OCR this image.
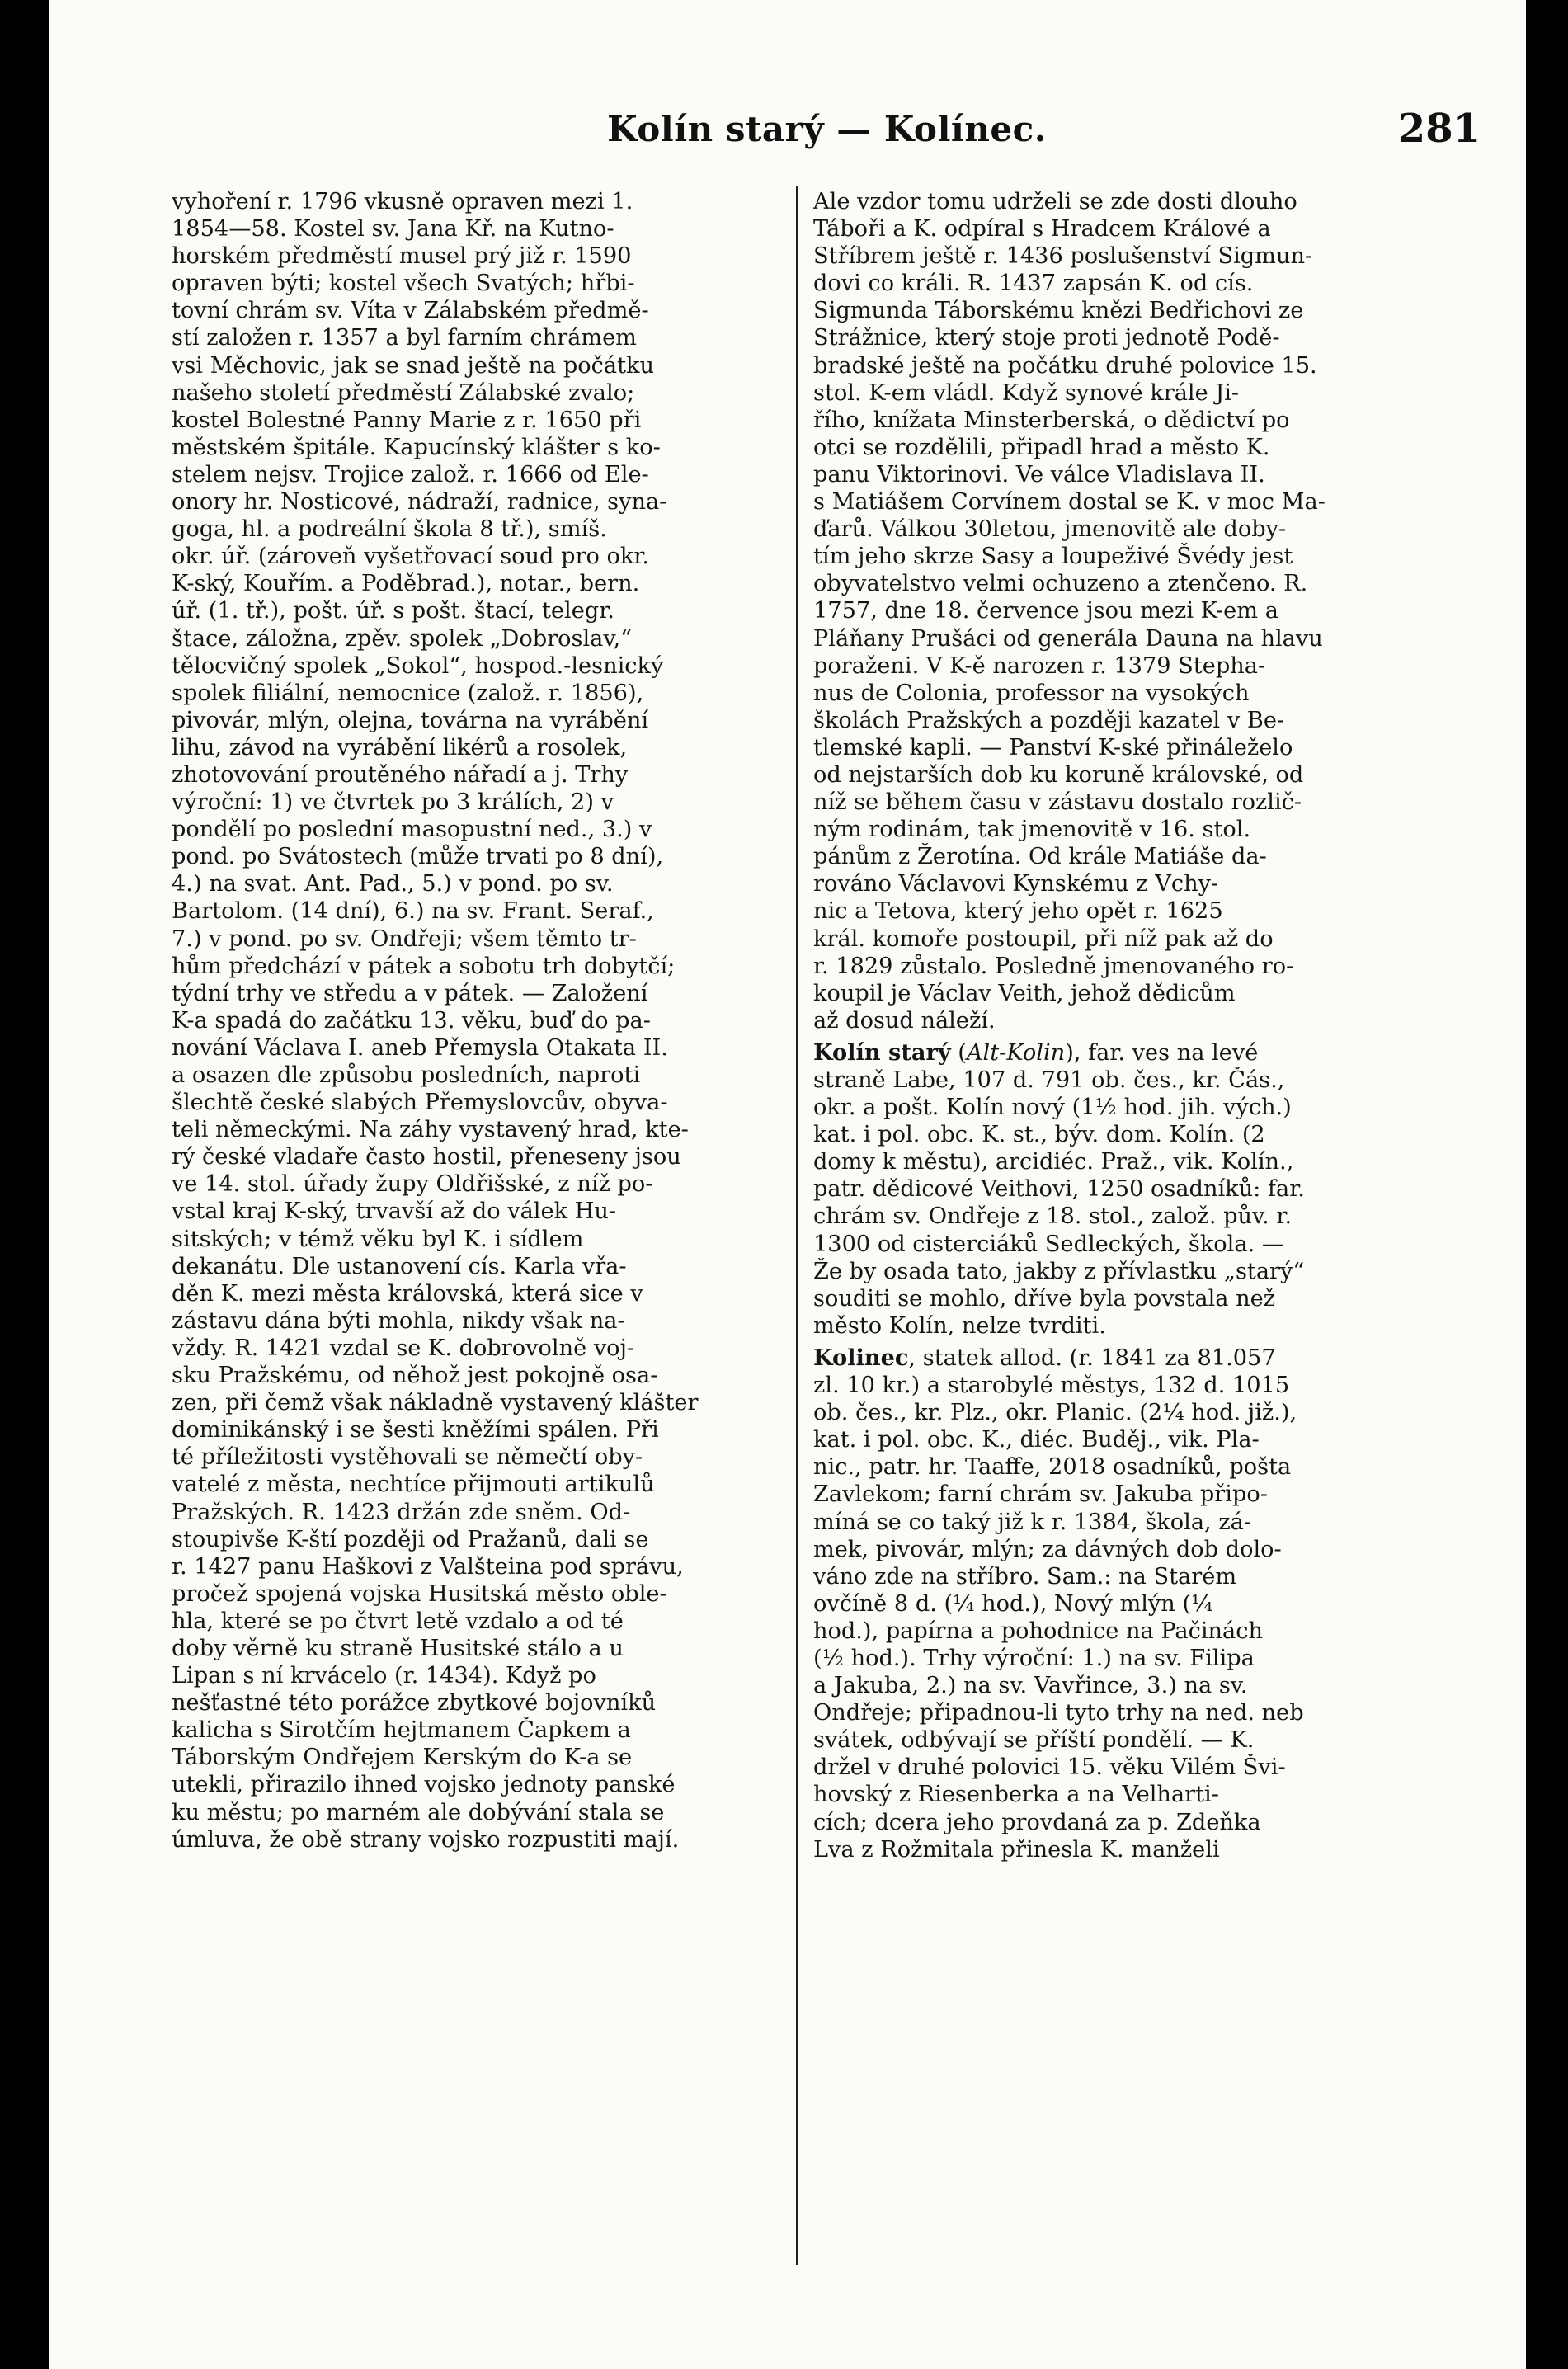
Kolín starý — Kolínec.	281
vyhoření r. 1796 vkusně opraven mezi 1.
1854—58. Kostel sv. Jana Kř. na Kutno-
horském předměstí musel prý již r. 1590
opraven býti; kostel všech Svatých; hřbi-
tovní chrám sv. Víta v Zálabském předmě-
stí založen r. 1357 a byl farním chrámem
vsi Měchovic, jak se snad ještě na počátku
našeho století předměstí Zálabské zvalo;
kostel Bolestné Panny Marie z r. 1650 při
městském špitále. Kapucínský klášter s ko-
stelem nejsv. Trojice založ. r. 1666 od Ele-
onory hr. Nosticové, nádraží, radnice, syna-
goga, hl. a podreální škola 8 tř.), smíš.
okr. úř. (zároveň vyšetřovací soud pro okr.
K-ský, Kouřím. a Poděbrad.), notar., bern.
úř. (1. tř.), pošt. úř. s pošt. štací, telegr.
štace, záložna, zpěv. spolek „Dobroslav,“
tělocvičný spolek „Sokol“, hospod.-lesnický
spolek filiální, nemocnice (založ. r. 1856),
pivovár, mlýn, olejna, továrna na vyrábění
lihu, závod na vyrábění likérů a rosolek,
zhotovování proutěného nářadí a j. Trhy
výroční: 1) ve čtvrtek po 3 králích, 2) v
pondělí po poslední masopustní ned., 3.) v
pond. po Svátostech (může trvati po 8 dní),
4.) na svat. Ant. Pad., 5.) v pond. po sv.
Bartolom. (14 dní), 6.) na sv. Frant. Seraf.,
7.) v pond. po sv. Ondřeji; všem těmto tr-
hům předchází v pátek a sobotu trh dobytčí;
týdní trhy ve středu a v pátek. — Založení
K-a spadá do začátku 13. věku, buď do pa-
nování Václava I. aneb Přemysla Otakata II.
a osazen dle způsobu posledních, naproti
šlechtě české slabých Přemyslovcův, obyva-
teli německými. Na záhy vystavený hrad, kte-
rý české vladaře často hostil, přeneseny jsou
ve 14. stol. úřady župy Oldřišské, z níž po-
vstal kraj K-ský, trvavší až do válek Hu-
sitských; v témž věku byl K. i sídlem
dekanátu. Dle ustanovení cís. Karla vřa-
děn K. mezi města královská, která sice v
zástavu dána býti mohla, nikdy však na-
vždy. R. 1421 vzdal se K. dobrovolně voj-
sku Pražskému, od něhož jest pokojně osa-
zen, při čemž však nákladně vystavený klášter
dominikánský i se šesti kněžími spálen. Při
té příležitosti vystěhovali se němečtí oby-
vatelé z města, nechtíce přijmouti artikulů
Pražských. R. 1423 držán zde sněm. Od-
stoupivše K-ští později od Pražanů, dali se
r. 1427 panu Haškovi z Valšteina pod správu,
pročež spojená vojska Husitská město oble-
hla, které se po čtvrt letě vzdalo a od té
doby věrně ku straně Husitské stálo a u
Lipan s ní krvácelo (r. 1434). Když po
nešťastné této porážce zbytkové bojovníků
kalicha s Sirotčím hejtmanem Čapkem a
Táborským Ondřejem Kerským do K-a se
utekli, přirazilo ihned vojsko jednoty panské
ku městu; po marném ale dobývání stala se
úmluva, že obě strany vojsko rozpustiti mají.
Ale vzdor tomu udrželi se zde dosti dlouho
Táboři a K. odpíral s Hradcem Králové a
Stříbrem ještě r. 1436 poslušenství Sigmun-
dovi co králi. R. 1437 zapsán K. od cís.
Sigmunda Táborskému knězi Bedřichovi ze
Strážnice, který stoje proti jednotě Podě-
bradské ještě na počátku druhé polovice 15.
stol. K-em vládl. Když synové krále Ji-
řího, knížata Minsterberská, o dědictví po
otci se rozdělili, připadl hrad a město K.
panu Viktorinovi. Ve válce Vladislava II.
s Matiášem Corvínem dostal se K. v moc Ma-
ďarů. Válkou 30letou, jmenovitě ale doby-
tím jeho skrze Sasy a loupeživé Švédy jest
obyvatelstvo velmi ochuzeno a ztenčeno. R.
1757, dne 18. července jsou mezi K-em a
Pláňany Prušáci od generála Dauna na hlavu
poraženi. V K-ě narozen r. 1379 Stepha-
nus de Colonia, professor na vysokých
školách Pražských a později kazatel v Be-
tlemské kapli. — Panství K-ské přináleželo
od nejstarších dob ku koruně královské, od
níž se během času v zástavu dostalo rozlič-
ným rodinám, tak jmenovitě v 16. stol.
pánům z Žerotína. Od krále Matiáše da-
rováno Václavovi Kynskému z Vchy-
nic a Tetova, který jeho opět r. 1625
král. komoře postoupil, při níž pak až do
r. 1829 zůstalo. Posledně jmenovaného ro-
koupil je Václav Veith, jehož dědicům
až dosud náleží.
Kolín starý (Alt-Kolin), far. ves na levé
straně Labe, 107 d. 791 ob. čes., kr. Čás.,
okr. a pošt. Kolín nový (1½ hod. jih. vých.)
kat. i pol. obc. K. st., býv. dom. Kolín. (2
domy k městu), arcidiéc. Praž., vik. Kolín.,
patr. dědicové Veithovi, 1250 osadníků: far.
chrám sv. Ondřeje z 18. stol., založ. pův. r.
1300 od cisterciáků Sedleckých, škola. —
Že by osada tato, jakby z přívlastku „starý“
souditi se mohlo, dříve byla povstala než
město Kolín, nelze tvrditi.
Kolinec, statek allod. (r. 1841 za 81.057
zl. 10 kr.) a starobylé městys, 132 d. 1015
ob. čes., kr. Plz., okr. Planic. (2¼ hod. již.),
kat. i pol. obc. K., diéc. Buděj., vik. Pla-
nic., patr. hr. Taaffe, 2018 osadníků, pošta
Zavlekom; farní chrám sv. Jakuba připo-
míná se co taký již k r. 1384, škola, zá-
mek, pivovár, mlýn; za dávných dob dolo-
váno zde na stříbro. Sam.: na Starém
ovčíně 8 d. (¼ hod.), Nový mlýn (¼
hod.), papírna a pohodnice na Pačinách
(½ hod.). Trhy výroční: 1.) na sv. Filipa
a Jakuba, 2.) na sv. Vavřince, 3.) na sv.
Ondřeje; připadnou-li tyto trhy na ned. neb
svátek, odbývají se příští pondělí. — K.
držel v druhé polovici 15. věku Vilém Švi-
hovský z Riesenberka a na Velharti-
cích; dcera jeho provdaná za p. Zdeňka
Lva z Rožmitala přinesla K. manželi
